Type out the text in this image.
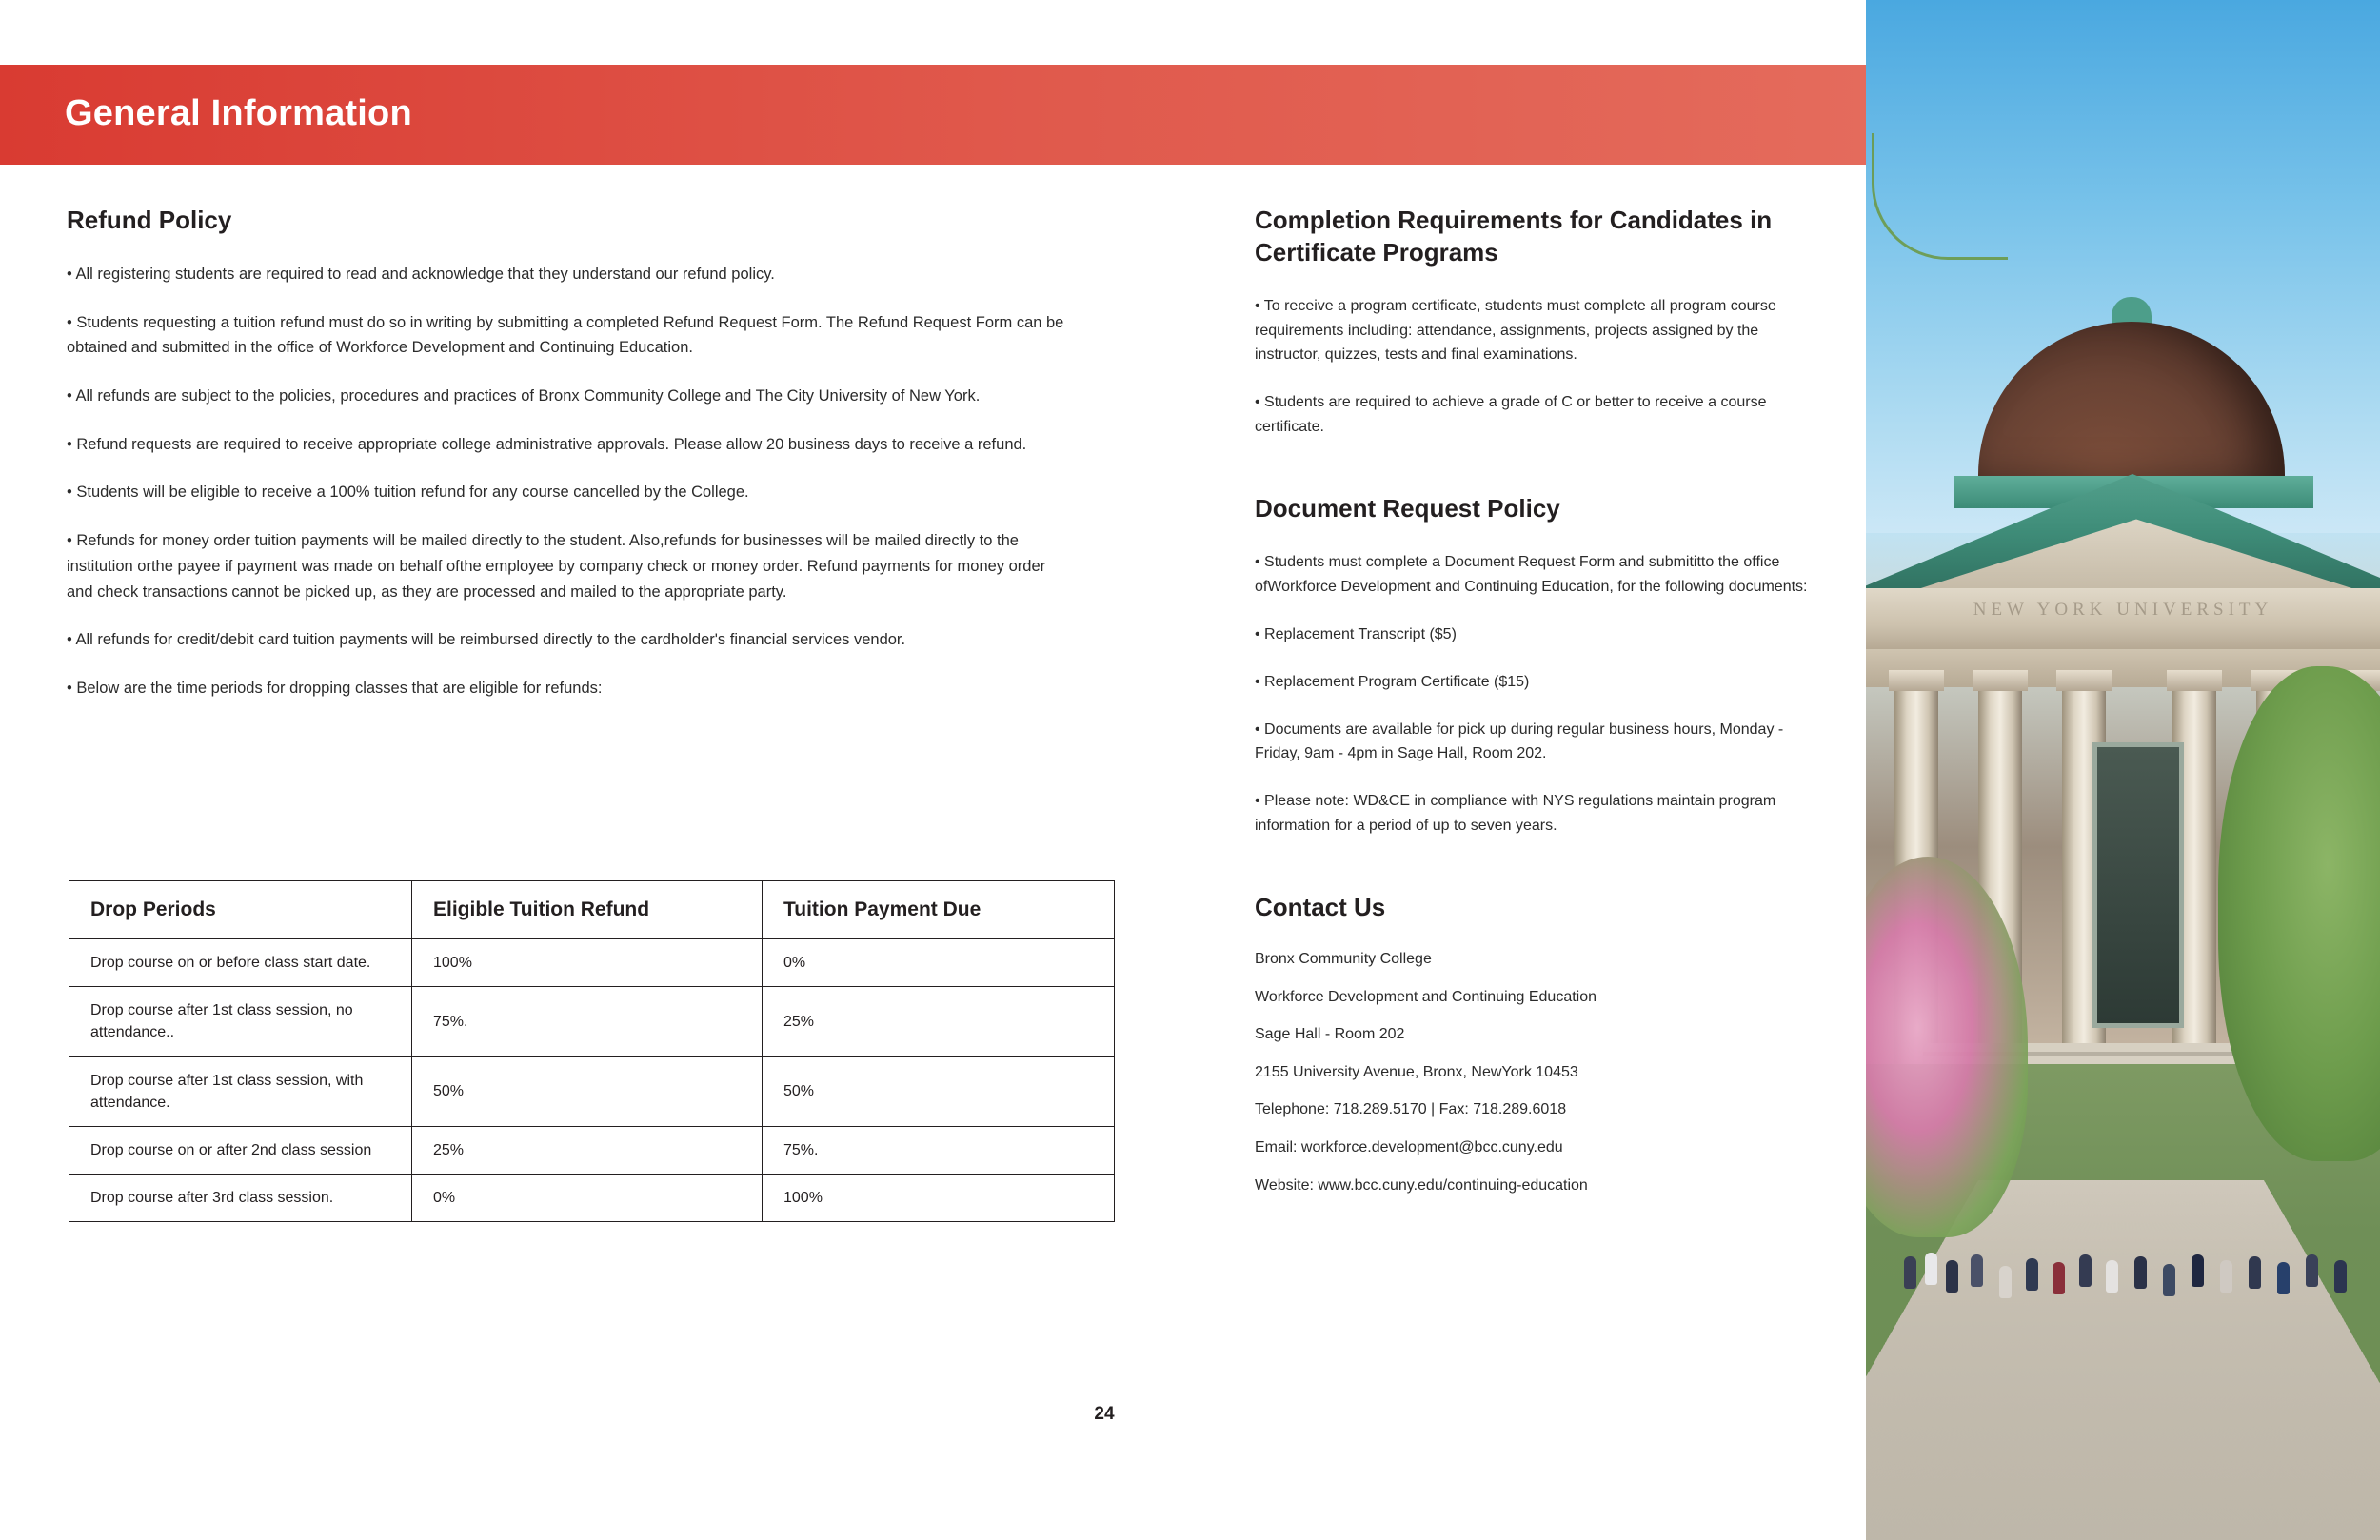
NEW YORK UNIVERSITY
General Information
Refund Policy

• All registering students are required to read and acknowledge that they understand our refund policy.

• Students requesting a tuition refund must do so in writing by submitting a completed Refund Request Form. The Refund Request Form can be obtained and submitted in the office of Workforce Development and Continuing Education.

• All refunds are subject to the policies, procedures and practices of Bronx Community College and The City University of New York.

• Refund requests are required to receive appropriate college administrative approvals. Please allow 20 business days to receive a refund.

• Students will be eligible to receive a 100% tuition refund for any course cancelled by the College.

• Refunds for money order tuition payments will be mailed directly to the student. Also,refunds for businesses will be mailed directly to the institution orthe payee if payment was made on behalf ofthe employee by company check or money order. Refund payments for money order and check transactions cannot be picked up, as they are processed and mailed to the appropriate party.

• All refunds for credit/debit card tuition payments will be reimbursed directly to the cardholder's financial services vendor.

• Below are the time periods for dropping classes that are eligible for refunds:

Drop Periods	Eligible Tuition Refund	Tuition Payment Due
Drop course on or before class start date.	100%	0%
Drop course after 1st class session, no attendance..	75%.	25%
Drop course after 1st class session, with attendance.	50%	50%
Drop course on or after 2nd class session	25%	75%.
Drop course after 3rd class session.	0%	100%
Completion Requirements for Candidates in Certificate Programs

• To receive a program certificate, students must complete all program course requirements including: attendance, assignments, projects assigned by the instructor, quizzes, tests and final examinations.

• Students are required to achieve a grade of C or better to receive a course certificate.

Document Request Policy

• Students must complete a Document Request Form and submititto the office ofWorkforce Development and Continuing Education, for the following documents:

• Replacement Transcript ($5)

• Replacement Program Certificate ($15)

• Documents are available for pick up during regular business hours, Monday - Friday, 9am - 4pm in Sage Hall, Room 202.

• Please note: WD&CE in compliance with NYS regulations maintain program information for a period of up to seven years.

Contact Us

Bronx Community College

Workforce Development and Continuing Education

Sage Hall - Room 202

2155 University Avenue, Bronx, NewYork 10453

Telephone: 718.289.5170 | Fax: 718.289.6018

Email: workforce.development@bcc.cuny.edu

Website: www.bcc.cuny.edu/continuing-education

24
